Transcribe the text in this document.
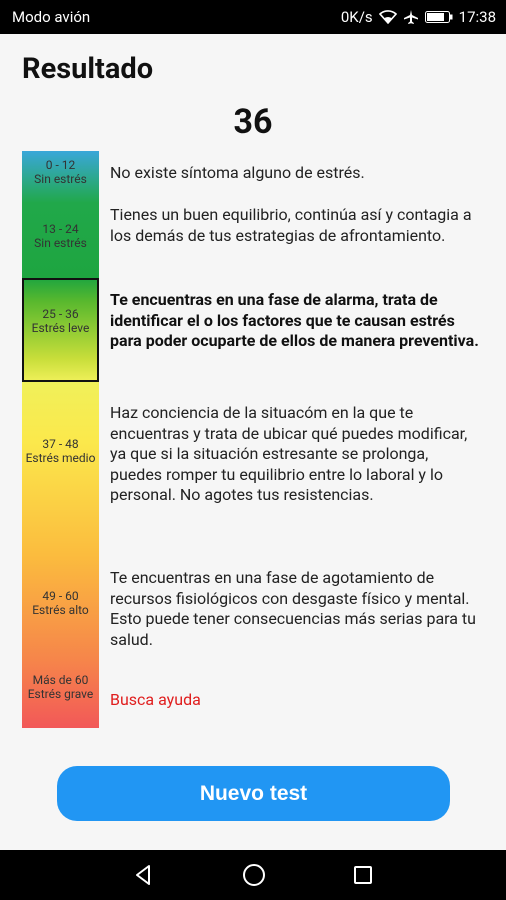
Modo avión	0K/s	17:38
Resultado
36
0 - 12
Sin estrés
13 - 24
Sin estrés
25 - 36
Estrés leve
37 - 48
Estrés medio
49 - 60
Estrés alto
Más de 60
Estrés grave
No existe síntoma alguno de estrés.
Tienes un buen equilibrio, continúa así y contagia a los demás de tus estrategias de afrontamiento.
Te encuentras en una fase de alarma, trata de identificar el o los factores que te causan estrés para poder ocuparte de ellos de manera preventiva.
Haz conciencia de la situacóm en la que te encuentras y trata de ubicar qué puedes modificar, ya que si la situación estresante se prolonga, puedes romper tu equilibrio entre lo laboral y lo personal. No agotes tus resistencias.
Te encuentras en una fase de agotamiento de recursos fisiológicos con desgaste físico y mental. Esto puede tener consecuencias más serias para tu salud.
Busca ayuda
Nuevo test
